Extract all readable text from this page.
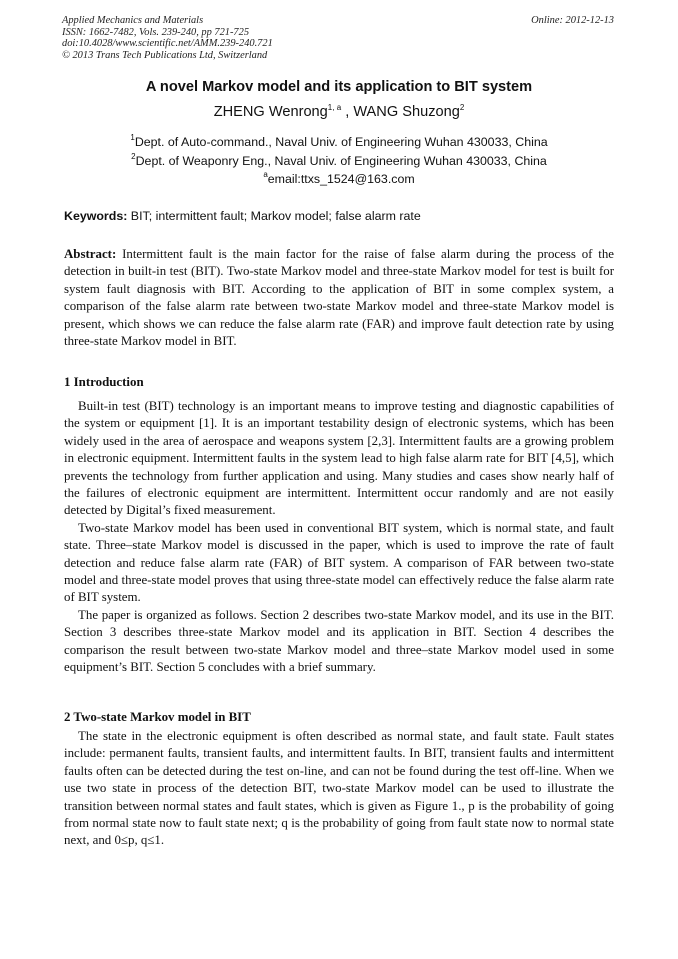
Applied Mechanics and Materials
ISSN: 1662-7482, Vols. 239-240, pp 721-725
doi:10.4028/www.scientific.net/AMM.239-240.721
© 2013 Trans Tech Publications Ltd, Switzerland
Online: 2012-12-13
A novel Markov model and its application to BIT system
ZHENG Wenrong$^{1, a}$ , WANG Shuzong$^2$
$^1$Dept. of Auto-command., Naval Univ. of Engineering Wuhan 430033, China
$^2$Dept. of Weaponry Eng., Naval Univ. of Engineering Wuhan 430033, China
$^a$email:ttxs_1524@163.com
Keywords: BIT; intermittent fault; Markov model; false alarm rate

Abstract: Intermittent fault is the main factor for the raise of false alarm during the process of the detection in built-in test (BIT). Two-state Markov model and three-state Markov model for test is built for system fault diagnosis with BIT. According to the application of BIT in some complex system, a comparison of the false alarm rate between two-state Markov model and three-state Markov model is present, which shows we can reduce the false alarm rate (FAR) and improve fault detection rate by using three-state Markov model in BIT.

1 Introduction

Built-in test (BIT) technology is an important means to improve testing and diagnostic capabilities of the system or equipment [1]. It is an important testability design of electronic systems, which has been widely used in the area of aerospace and weapons system [2,3]. Intermittent faults are a growing problem in electronic equipment. Intermittent faults in the system lead to high false alarm rate for BIT [4,5], which prevents the technology from further application and using. Many studies and cases show nearly half of the failures of electronic equipment are intermittent. Intermittent occur randomly and are not easily detected by Digital’s fixed measurement.

Two-state Markov model has been used in conventional BIT system, which is normal state, and fault state. Three–state Markov model is discussed in the paper, which is used to improve the rate of fault detection and reduce false alarm rate (FAR) of BIT system. A comparison of FAR between two-state model and three-state model proves that using three-state model can effectively reduce the false alarm rate of BIT system.

The paper is organized as follows. Section 2 describes two-state Markov model, and its use in the BIT. Section 3 describes three-state Markov model and its application in BIT. Section 4 describes the comparison the result between two-state Markov model and three–state Markov model used in some equipment’s BIT. Section 5 concludes with a brief summary.

2 Two-state Markov model in BIT

The state in the electronic equipment is often described as normal state, and fault state. Fault states include: permanent faults, transient faults, and intermittent faults. In BIT, transient faults and intermittent faults often can be detected during the test on-line, and can not be found during the test off-line. When we use two state in process of the detection BIT, two-state Markov model can be used to illustrate the transition between normal states and fault states, which is given as Figure 1., p is the probability of going from normal state now to fault state next; q is the probability of going from fault state now to normal state next, and 0≤p, q≤1.
